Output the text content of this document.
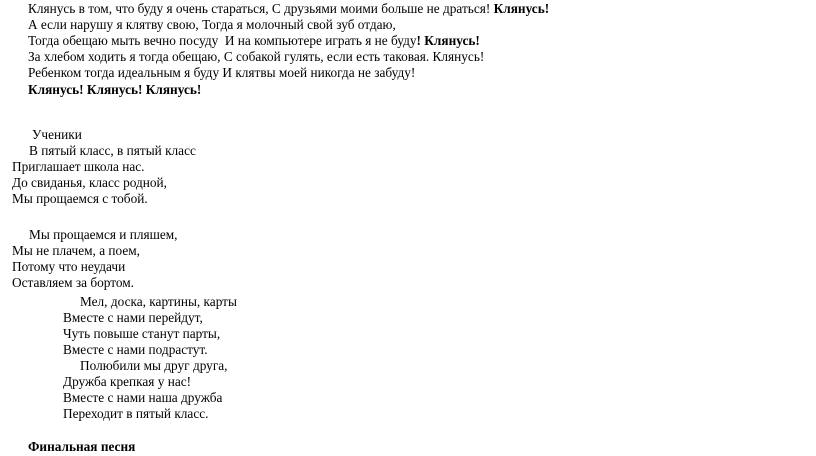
Клянусь в том, что буду я очень стараться, С друзьями моими больше не драться! Клянусь!
А если нарушу я клятву свою, Тогда я молочный свой зуб отдаю,
Тогда обещаю мыть вечно посуду  И на компьютере играть я не буду! Клянусь!
За хлебом ходить я тогда обещаю, С собакой гулять, если есть таковая. Клянусь!
Ребенком тогда идеальным я буду И клятвы моей никогда не забуду!
Клянусь! Клянусь! Клянусь!
Ученики
В пятый класс, в пятый класс
Приглашает школа нас.
До свиданья, класс родной,
Мы прощаемся с тобой.
Мы прощаемся и пляшем,
Мы не плачем, а поем,
Потому что неудачи
Оставляем за бортом.
Мел, доска, картины, карты
Вместе с нами перейдут,
Чуть повыше станут парты,
Вместе с нами подрастут.
Полюбили мы друг друга,
Дружба крепкая у нас!
Вместе с нами наша дружба
Переходит в пятый класс.
Финальная песня
